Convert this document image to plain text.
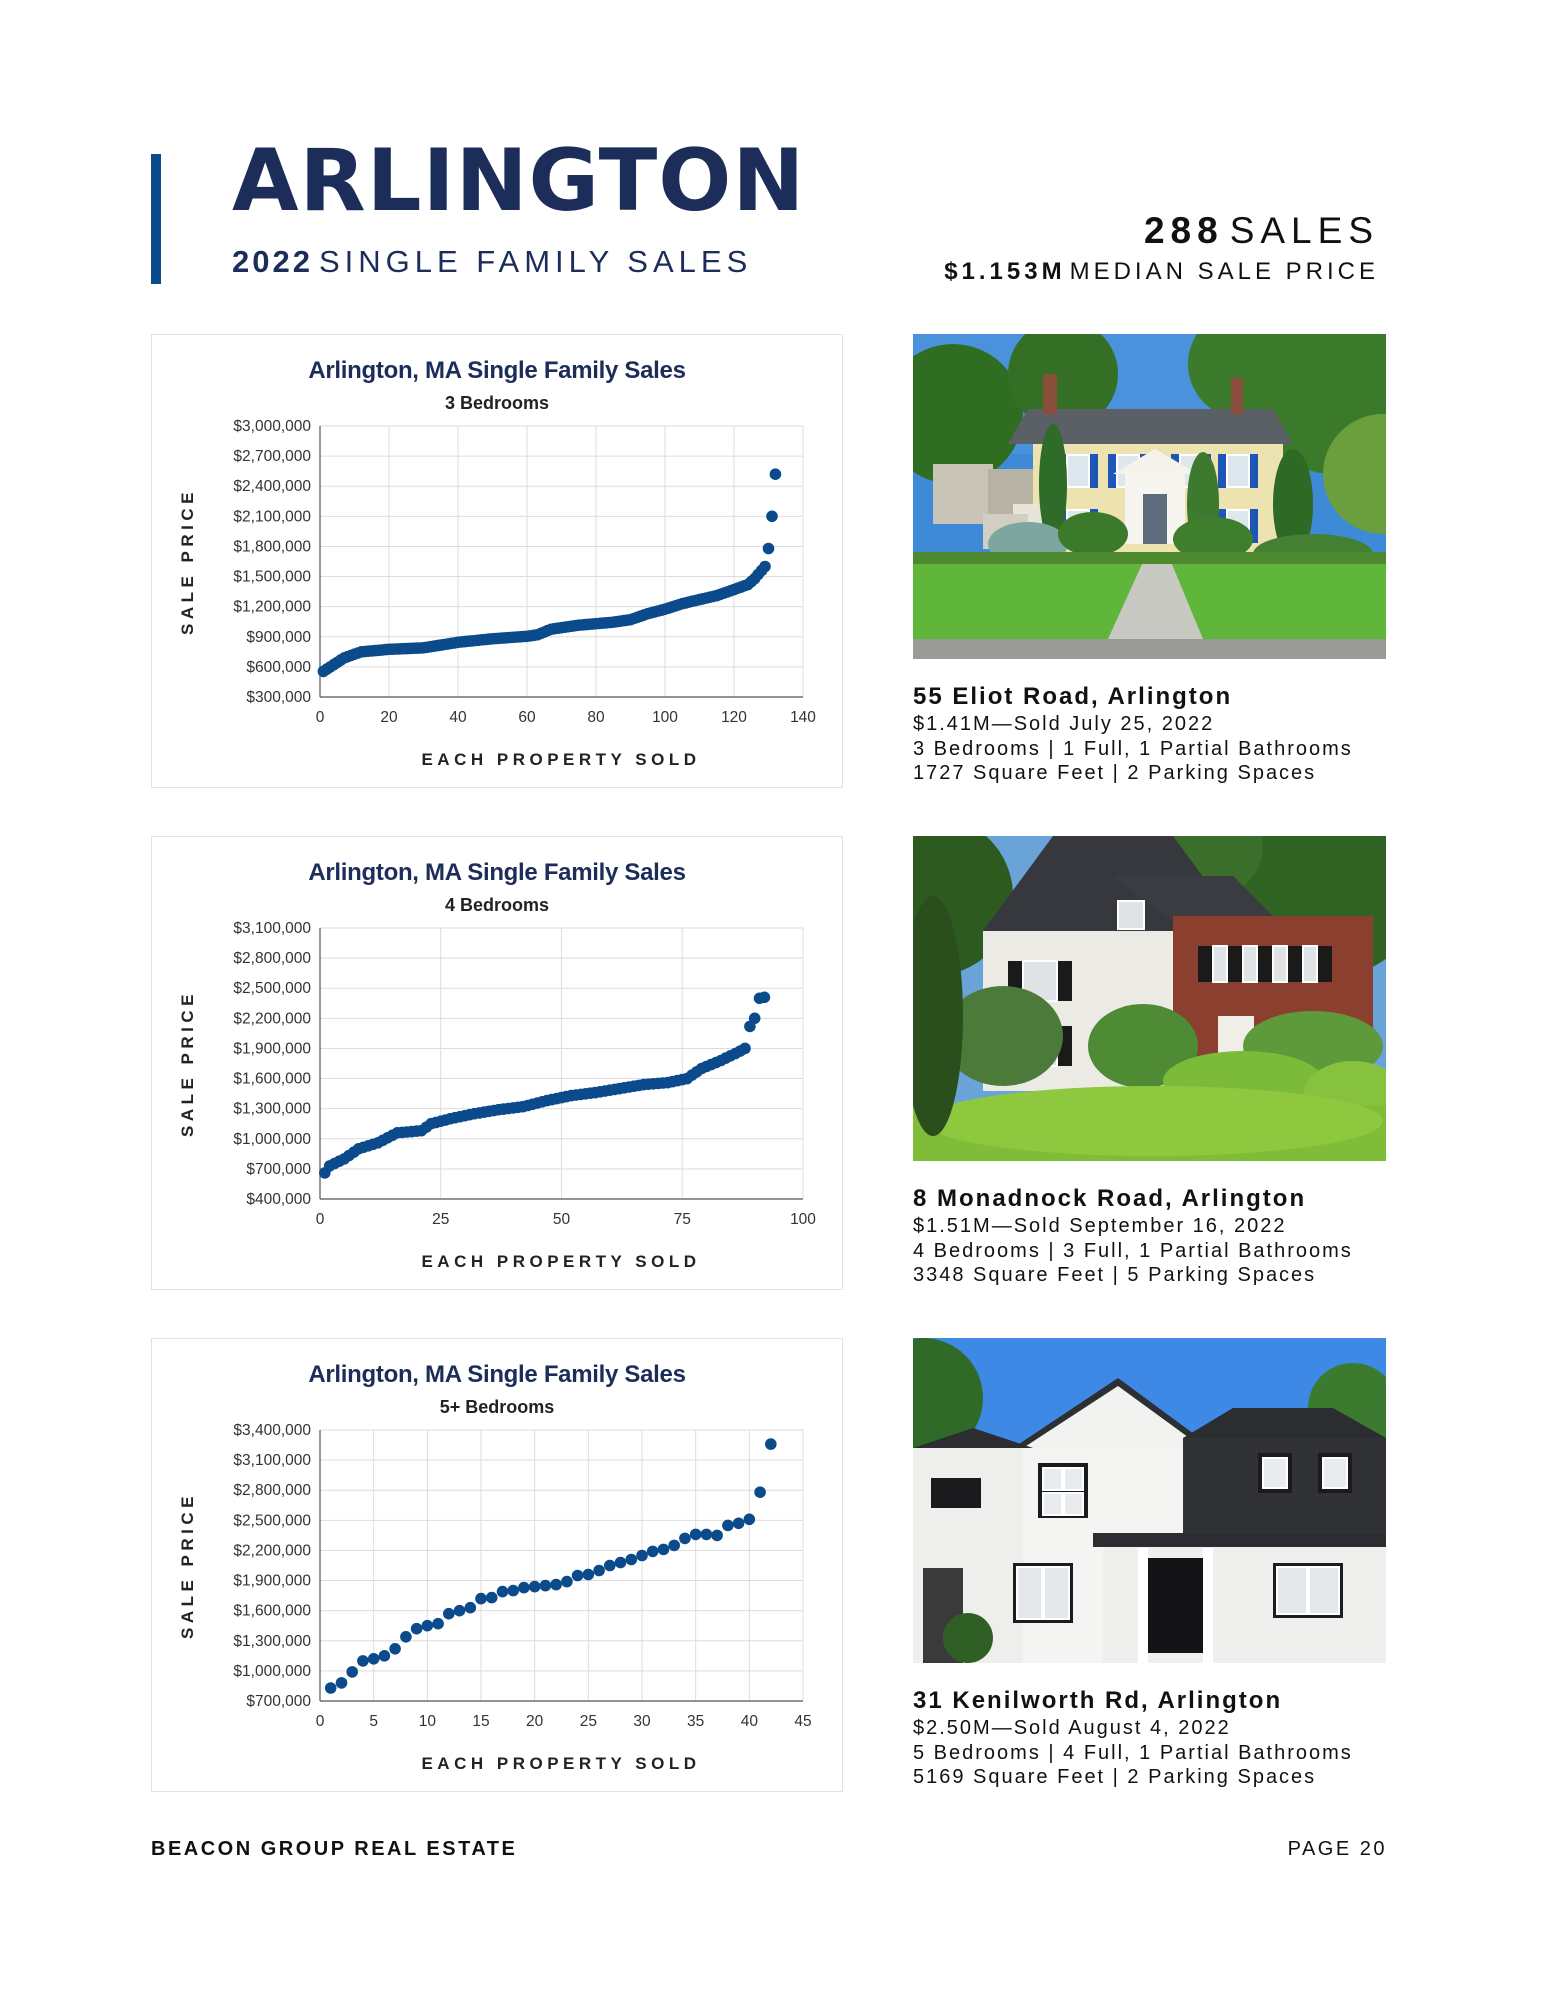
ARLINGTON
2022 SINGLE FAMILY SALES
288 SALES
$1.153M MEDIAN SALE PRICE
Arlington, MA Single Family Sales
3 Bedrooms
$300,000
$600,000
$900,000
$1,200,000
$1,500,000
$1,800,000
$2,100,000
$2,400,000
$2,700,000
$3,000,000
0	20	40	60	80	100	120	140
EACH PROPERTY SOLD
SALE PRICE
Arlington, MA Single Family Sales
4 Bedrooms
$400,000
$700,000
$1,000,000
$1,300,000
$1,600,000
$1,900,000
$2,200,000
$2,500,000
$2,800,000
$3,100,000
0	25	50	75	100
EACH PROPERTY SOLD
SALE PRICE
Arlington, MA Single Family Sales
5+ Bedrooms
$700,000
$1,000,000
$1,300,000
$1,600,000
$1,900,000
$2,200,000
$2,500,000
$2,800,000
$3,100,000
$3,400,000
0	5	10 15 20 25 30 35 40 45
EACH PROPERTY SOLD
SALE PRICE
55 Eliot Road, Arlington
$1.41M—Sold July 25, 2022
3 Bedrooms | 1 Full, 1 Partial Bathrooms
1727 Square Feet | 2 Parking Spaces
8 Monadnock Road, Arlington
$1.51M—Sold September 16, 2022
4 Bedrooms | 3 Full, 1 Partial Bathrooms
3348 Square Feet | 5 Parking Spaces
31 Kenilworth Rd, Arlington
$2.50M—Sold August 4, 2022
5 Bedrooms | 4 Full, 1 Partial Bathrooms
5169 Square Feet | 2 Parking Spaces
BEACON GROUP REAL ESTATE	PAGE 20
